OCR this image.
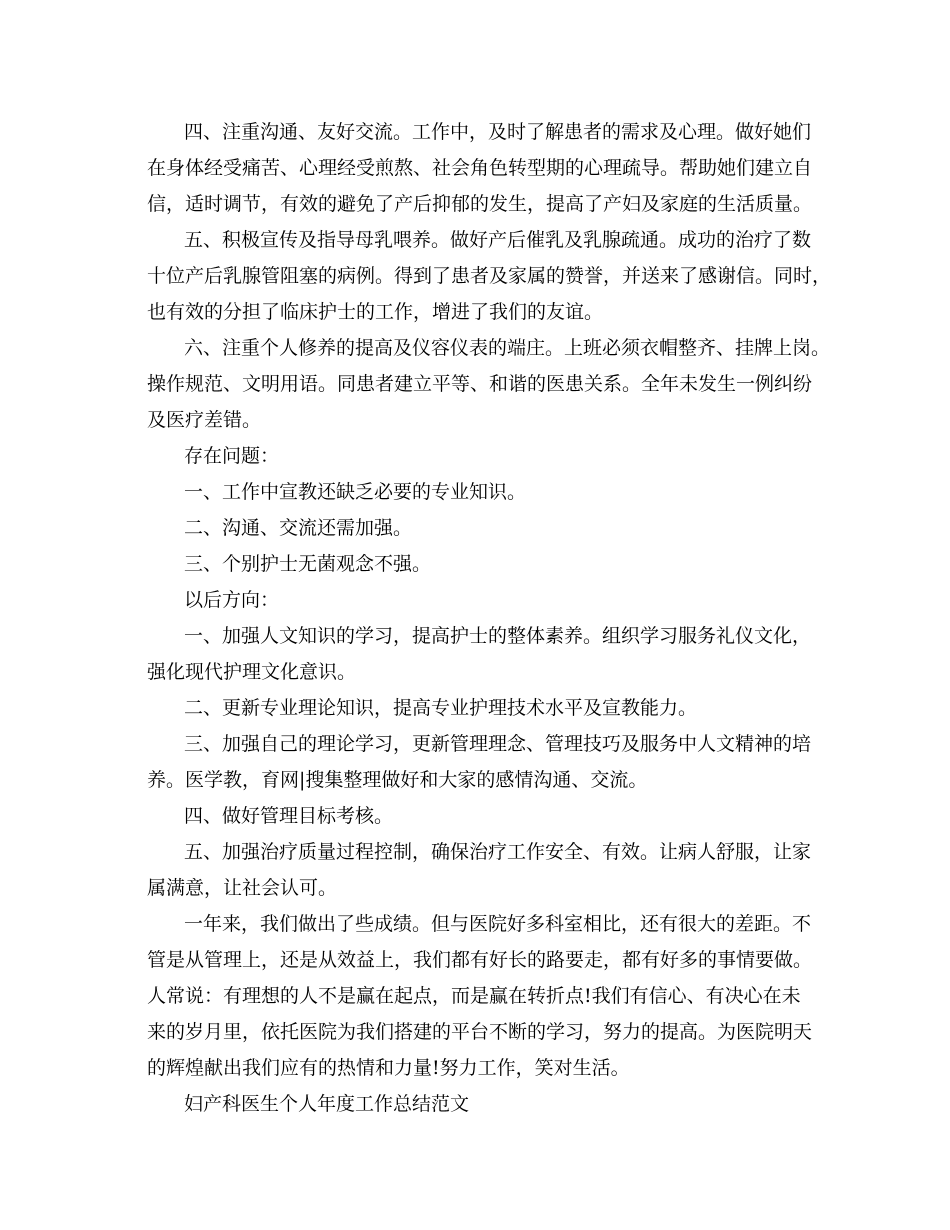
四、注重沟通、友好交流。工作中，及时了解患者的需求及心理。做好她们
在身体经受痛苦、心理经受煎熬、社会角色转型期的心理疏导。帮助她们建立自
信，适时调节，有效的避免了产后抑郁的发生，提高了产妇及家庭的生活质量。
五、积极宣传及指导母乳喂养。做好产后催乳及乳腺疏通。成功的治疗了数
十位产后乳腺管阻塞的病例。得到了患者及家属的赞誉，并送来了感谢信。同时，
也有效的分担了临床护士的工作，增进了我们的友谊。
六、注重个人修养的提高及仪容仪表的端庄。上班必须衣帽整齐、挂牌上岗。
操作规范、文明用语。同患者建立平等、和谐的医患关系。全年未发生一例纠纷
及医疗差错。
存在问题：
一、工作中宣教还缺乏必要的专业知识。
二、沟通、交流还需加强。
三、个别护士无菌观念不强。
以后方向：
一、加强人文知识的学习，提高护士的整体素养。组织学习服务礼仪文化，
强化现代护理文化意识。
二、更新专业理论知识，提高专业护理技术水平及宣教能力。
三、加强自己的理论学习，更新管理理念、管理技巧及服务中人文精神的培
养。医学教，育网|搜集整理做好和大家的感情沟通、交流。
四、做好管理目标考核。
五、加强治疗质量过程控制，确保治疗工作安全、有效。让病人舒服，让家
属满意，让社会认可。
一年来，我们做出了些成绩。但与医院好多科室相比，还有很大的差距。不
管是从管理上，还是从效益上，我们都有好长的路要走，都有好多的事情要做。
人常说：有理想的人不是赢在起点，而是赢在转折点!我们有信心、有决心在未
来的岁月里，依托医院为我们搭建的平台不断的学习，努力的提高。为医院明天
的辉煌献出我们应有的热情和力量!努力工作，笑对生活。
妇产科医生个人年度工作总结范文
